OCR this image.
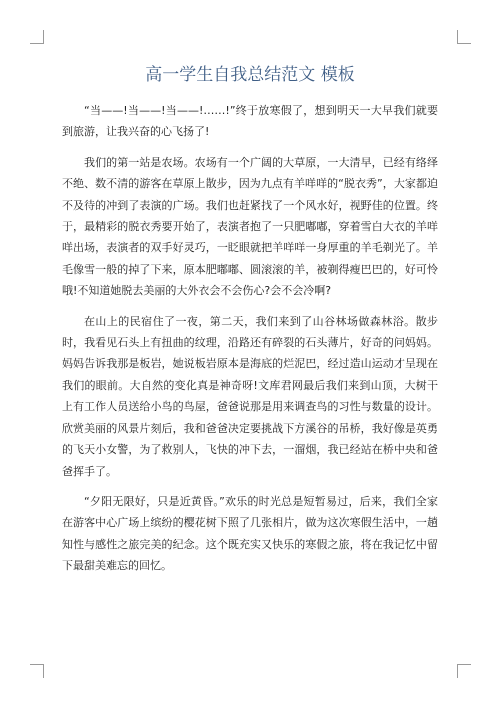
高一学生自我总结范文 模板

“当——!当——!当——!……!”终于放寒假了，想到明天一大早我们就要到旅游，让我兴奋的心飞扬了!

我们的第一站是农场。农场有一个广阔的大草原，一大清早，已经有络绎不绝、数不清的游客在草原上散步，因为九点有羊咩咩的“脱衣秀”，大家都迫不及待的冲到了表演的广场。我们也赶紧找了一个风水好，视野佳的位置。终于，最精彩的脱衣秀要开始了，表演者抱了一只肥嘟嘟，穿着雪白大衣的羊咩咩出场，表演者的双手好灵巧，一眨眼就把羊咩咩一身厚重的羊毛剃光了。羊毛像雪一般的掉了下来，原本肥嘟嘟、圆滚滚的羊，被剃得瘦巴巴的，好可怜哦!不知道她脱去美丽的大外衣会不会伤心?会不会冷啊?

在山上的民宿住了一夜，第二天，我们来到了山谷林场做森林浴。散步时，我看见石头上有扭曲的纹理，沿路还有碎裂的石头薄片，好奇的问妈妈。妈妈告诉我那是板岩，她说板岩原本是海底的烂泥巴，经过造山运动才呈现在我们的眼前。大自然的变化真是神奇呀!文库君网最后我们来到山顶，大树干上有工作人员送给小鸟的鸟屋，爸爸说那是用来调查鸟的习性与数量的设计。欣赏美丽的风景片刻后，我和爸爸决定要挑战下方溪谷的吊桥，我好像是英勇的飞天小女警，为了救别人，飞快的冲下去，一溜烟，我已经站在桥中央和爸爸挥手了。

“夕阳无限好，只是近黄昏。”欢乐的时光总是短暂易过，后来，我们全家在游客中心广场上缤纷的樱花树下照了几张相片，做为这次寒假生活中，一趟知性与感性之旅完美的纪念。这个既充实又快乐的寒假之旅，将在我记忆中留下最甜美难忘的回忆。
